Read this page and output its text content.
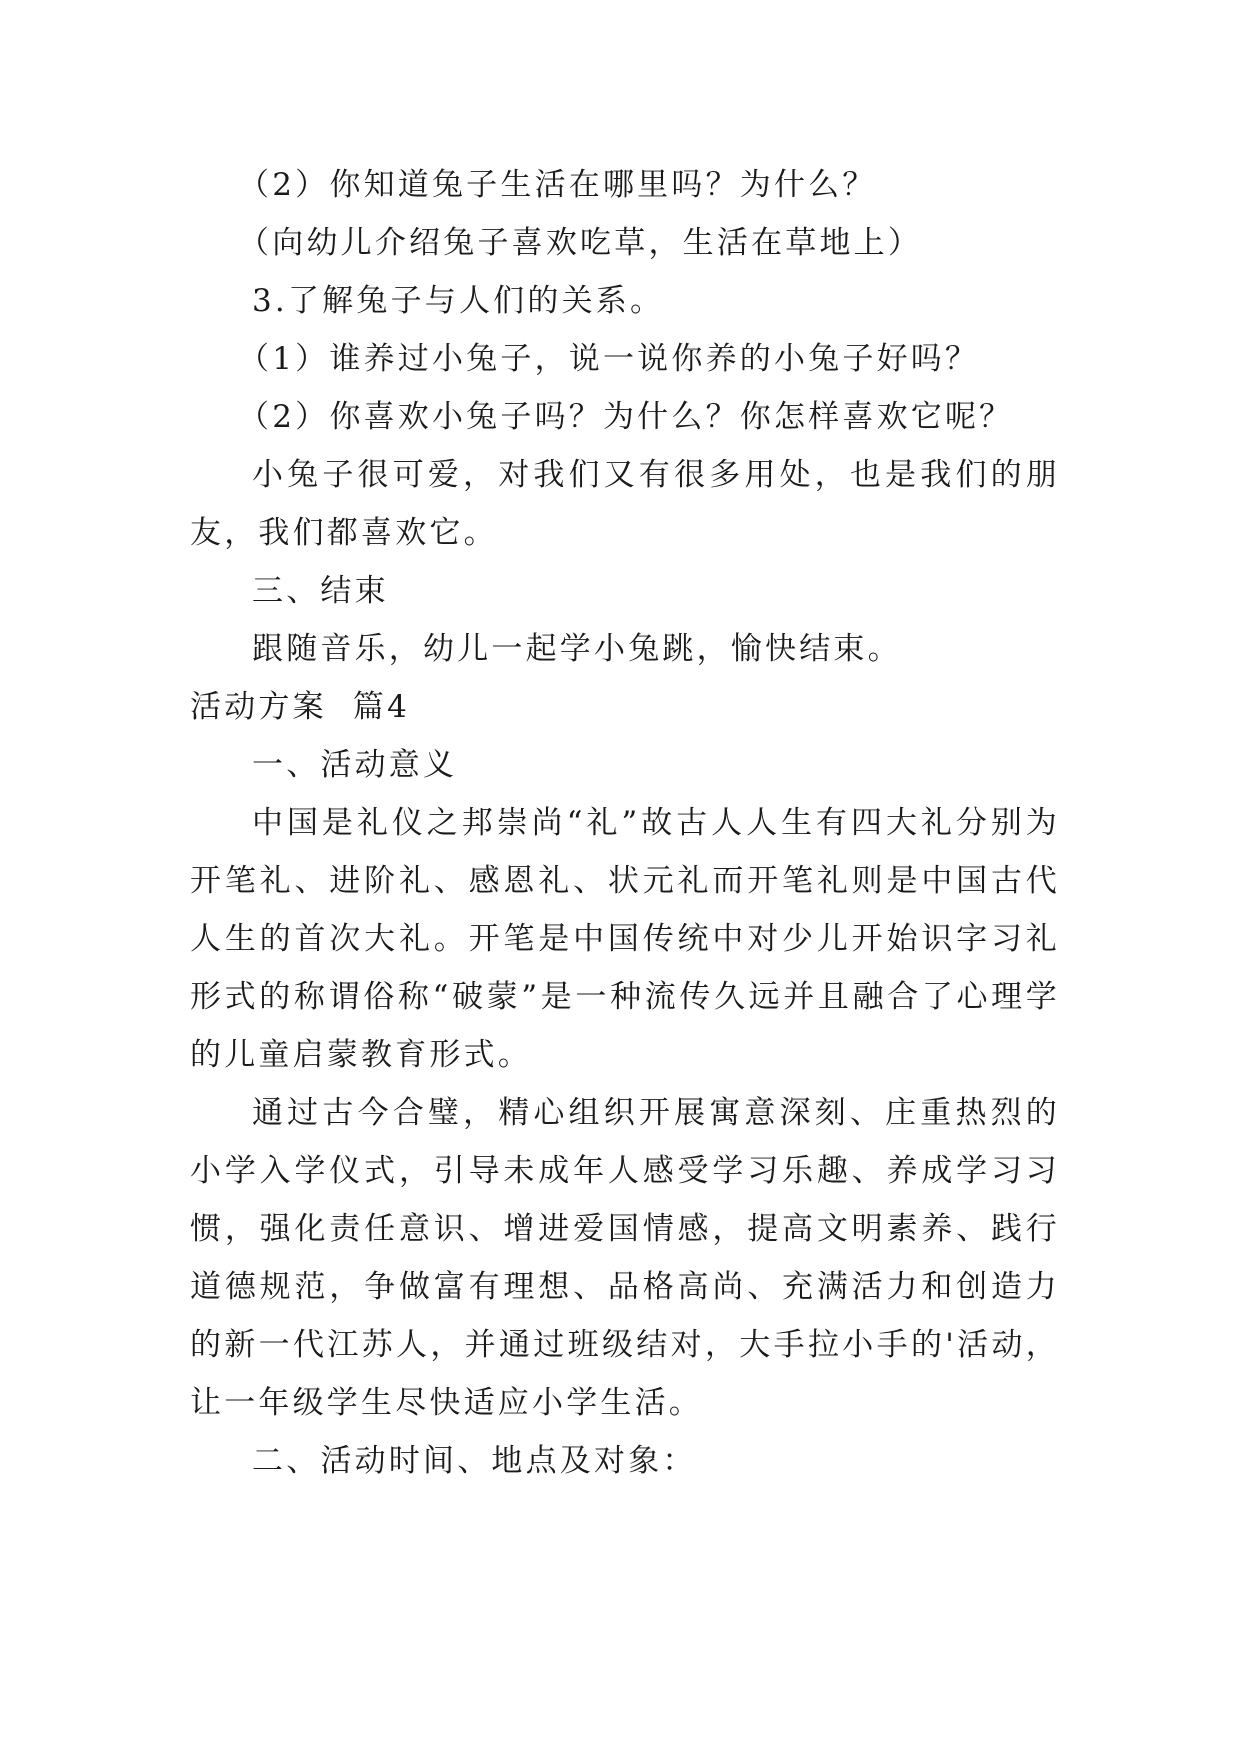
（2）你知道兔子生活在哪里吗？为什么？

（向幼儿介绍兔子喜欢吃草，生活在草地上）

3.了解兔子与人们的关系。

（1）谁养过小兔子，说一说你养的小兔子好吗？

（2）你喜欢小兔子吗？为什么？你怎样喜欢它呢？

小兔子很可爱，对我们又有很多用处，也是我们的朋友，我们都喜欢它。

三、结束

跟随音乐，幼儿一起学小兔跳，愉快结束。

活动方案  篇4

一、活动意义

中国是礼仪之邦崇尚“礼”故古人人生有四大礼分别为开笔礼、进阶礼、感恩礼、状元礼而开笔礼则是中国古代人生的首次大礼。开笔是中国传统中对少儿开始识字习礼形式的称谓俗称“破蒙”是一种流传久远并且融合了心理学的儿童启蒙教育形式。

通过古今合璧，精心组织开展寓意深刻、庄重热烈的小学入学仪式，引导未成年人感受学习乐趣、养成学习习惯，强化责任意识、增进爱国情感，提高文明素养、践行道德规范，争做富有理想、品格高尚、充满活力和创造力的新一代江苏人，并通过班级结对，大手拉小手的'活动，让一年级学生尽快适应小学生活。

二、活动时间、地点及对象：
